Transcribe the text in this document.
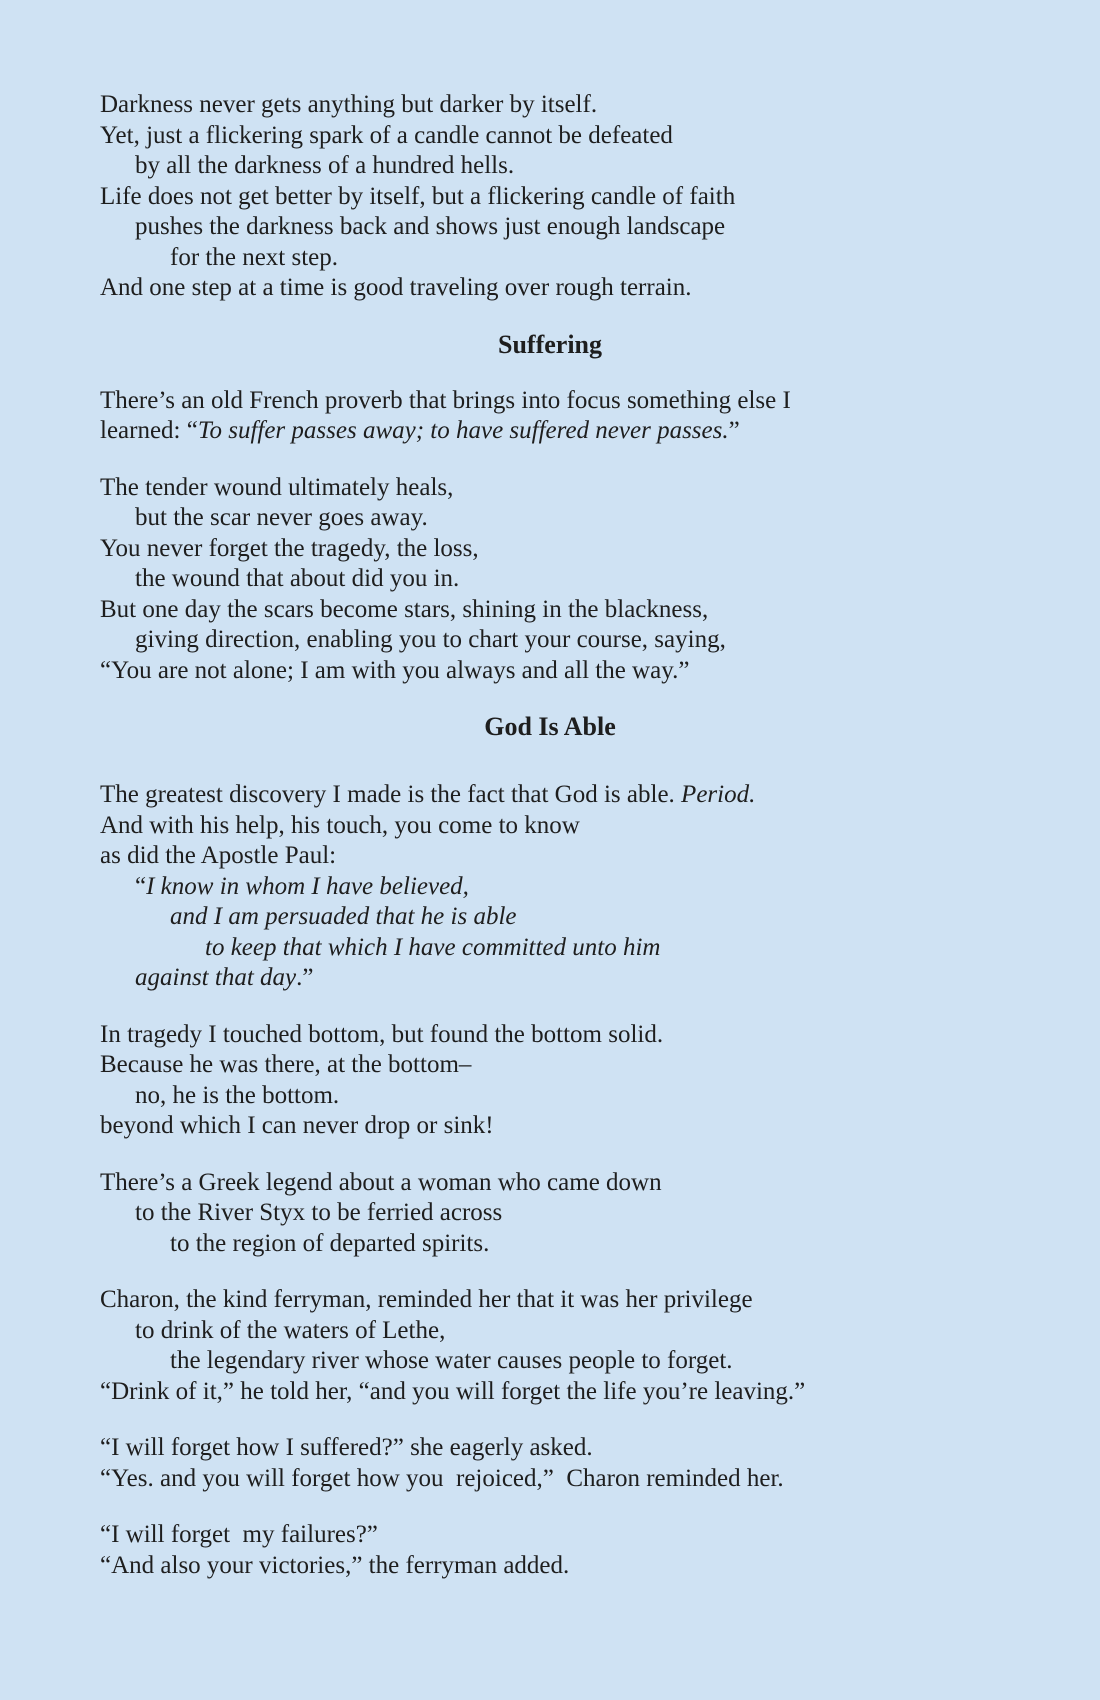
Darkness never gets anything but darker by itself.
Yet, just a flickering spark of a candle cannot be defeated
by all the darkness of a hundred hells.
Life does not get better by itself, but a flickering candle of faith
pushes the darkness back and shows just enough landscape
for the next step.
And one step at a time is good traveling over rough terrain.
Suffering
There’s an old French proverb that brings into focus something else I
learned: “To suffer passes away; to have suffered never passes.”
The tender wound ultimately heals,
but the scar never goes away.
You never forget the tragedy, the loss,
the wound that about did you in.
But one day the scars become stars, shining in the blackness,
giving direction, enabling you to chart your course, saying,
“You are not alone; I am with you always and all the way.”
God Is Able
The greatest discovery I made is the fact that God is able. Period.
And with his help, his touch, you come to know
as did the Apostle Paul:
“I know in whom I have believed,
and I am persuaded that he is able
to keep that which I have committed unto him
against that day.”
In tragedy I touched bottom, but found the bottom solid.
Because he was there, at the bottom–
no, he is the bottom.
beyond which I can never drop or sink!
There’s a Greek legend about a woman who came down
to the River Styx to be ferried across
to the region of departed spirits.
Charon, the kind ferryman, reminded her that it was her privilege
to drink of the waters of Lethe,
the legendary river whose water causes people to forget.
“Drink of it,” he told her, “and you will forget the life you’re leaving.”
“I will forget how I suffered?” she eagerly asked.
“Yes. and you will forget how you  rejoiced,”  Charon reminded her.
“I will forget  my failures?”
“And also your victories,” the ferryman added.
